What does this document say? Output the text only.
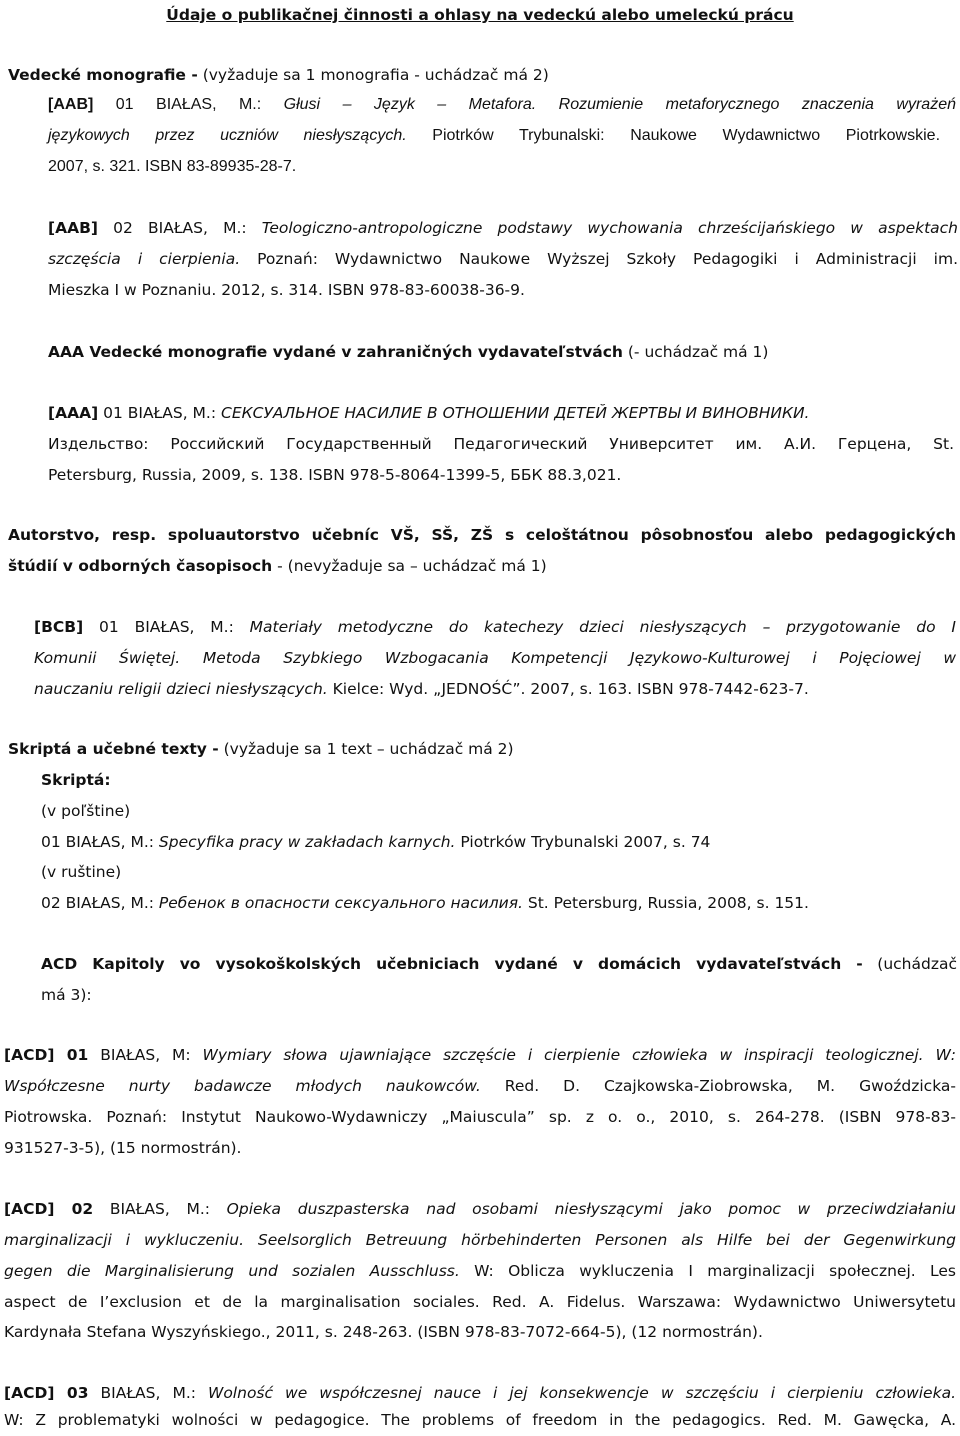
Údaje o publikačnej činnosti a ohlasy na vedeckú alebo umeleckú prácu
Vedecké monografie - (vyžaduje sa 1 monografia - uchádzač má 2)
[AAB] 01 BIAŁAS, M.: Głusi – Język – Metafora. Rozumienie metaforycznego znaczenia wyrażeń
językowych przez uczniów niesłyszących. Piotrków Trybunalski: Naukowe Wydawnictwo Piotrkowskie.
2007, s. 321. ISBN 83-89935-28-7.
[AAB] 02 BIAŁAS, M.: Teologiczno-antropologiczne podstawy wychowania chrześcijańskiego w aspektach
szczęścia i cierpienia. Poznań: Wydawnictwo Naukowe Wyższej Szkoły Pedagogiki i Administracji im.
Mieszka I w Poznaniu. 2012, s. 314. ISBN 978-83-60038-36-9.
AAA Vedecké monografie vydané v zahraničných vydavateľstvách (- uchádzač má 1)
[AAA] 01 BIAŁAS, M.: СЕКСУАЛЬНОЕ НАСИЛИЕ В ОТНОШЕНИИ ДЕТЕЙ ЖЕРТВЫ И ВИНОВНИКИ.
Издельство: Российский Государственный Педагогический Университет им. А.И. Герцена, St.
Petersburg, Russia, 2009, s. 138. ISBN 978-5-8064-1399-5, ББК 88.3,021.
Autorstvo, resp. spoluautorstvo učebníc VŠ, SŠ, ZŠ s celoštátnou pôsobnosťou alebo pedagogických
štúdií v odborných časopisoch - (nevyžaduje sa – uchádzač má 1)
[BCB] 01 BIAŁAS, M.: Materiały metodyczne do katechezy dzieci niesłyszących – przygotowanie do I
Komunii Świętej. Metoda Szybkiego Wzbogacania Kompetencji Językowo-Kulturowej i Pojęciowej w
nauczaniu religii dzieci niesłyszących. Kielce: Wyd. „JEDNOŚĆ”. 2007, s. 163. ISBN 978-7442-623-7.
Skriptá a učebné texty - (vyžaduje sa 1 text – uchádzač má 2)
Skriptá:
(v poľštine)
01 BIAŁAS, M.: Specyfika pracy w zakładach karnych. Piotrków Trybunalski 2007, s. 74
(v ruštine)
02 BIAŁAS, M.: Ребенок в опасности сексуального насилия. St. Petersburg, Russia, 2008, s. 151.
ACD Kapitoly vo vysokoškolských učebniciach vydané v domácich vydavateľstvách - (uchádzač
má 3):
[ACD] 01 BIAŁAS, M: Wymiary słowa ujawniające szczęście i cierpienie człowieka w inspiracji teologicznej. W:
Współczesne nurty badawcze młodych naukowców. Red. D. Czajkowska-Ziobrowska, M. Gwoździcka-
Piotrowska. Poznań: Instytut Naukowo-Wydawniczy „Maiuscula” sp. z o. o., 2010, s. 264-278. (ISBN 978-83-
931527-3-5), (15 normostrán).
[ACD] 02 BIAŁAS, M.: Opieka duszpasterska nad osobami niesłyszącymi jako pomoc w przeciwdziałaniu
marginalizacji i wykluczeniu. Seelsorglich Betreuung hörbehinderten Personen als Hilfe bei der Gegenwirkung
gegen die Marginalisierung und sozialen Ausschluss. W: Oblicza wykluczenia I marginalizacji społecznej. Les
aspect de I’exclusion et de la marginalisation sociales. Red. A. Fidelus. Warszawa: Wydawnictwo Uniwersytetu
Kardynała Stefana Wyszyńskiego., 2011, s. 248-263. (ISBN 978-83-7072-664-5), (12 normostrán).
[ACD] 03 BIAŁAS, M.: Wolność we współczesnej nauce i jej konsekwencje w szczęściu i cierpieniu człowieka.
W: Z problematyki wolności w pedagogice. The problems of freedom in the pedagogics. Red. M. Gawęcka, A.
